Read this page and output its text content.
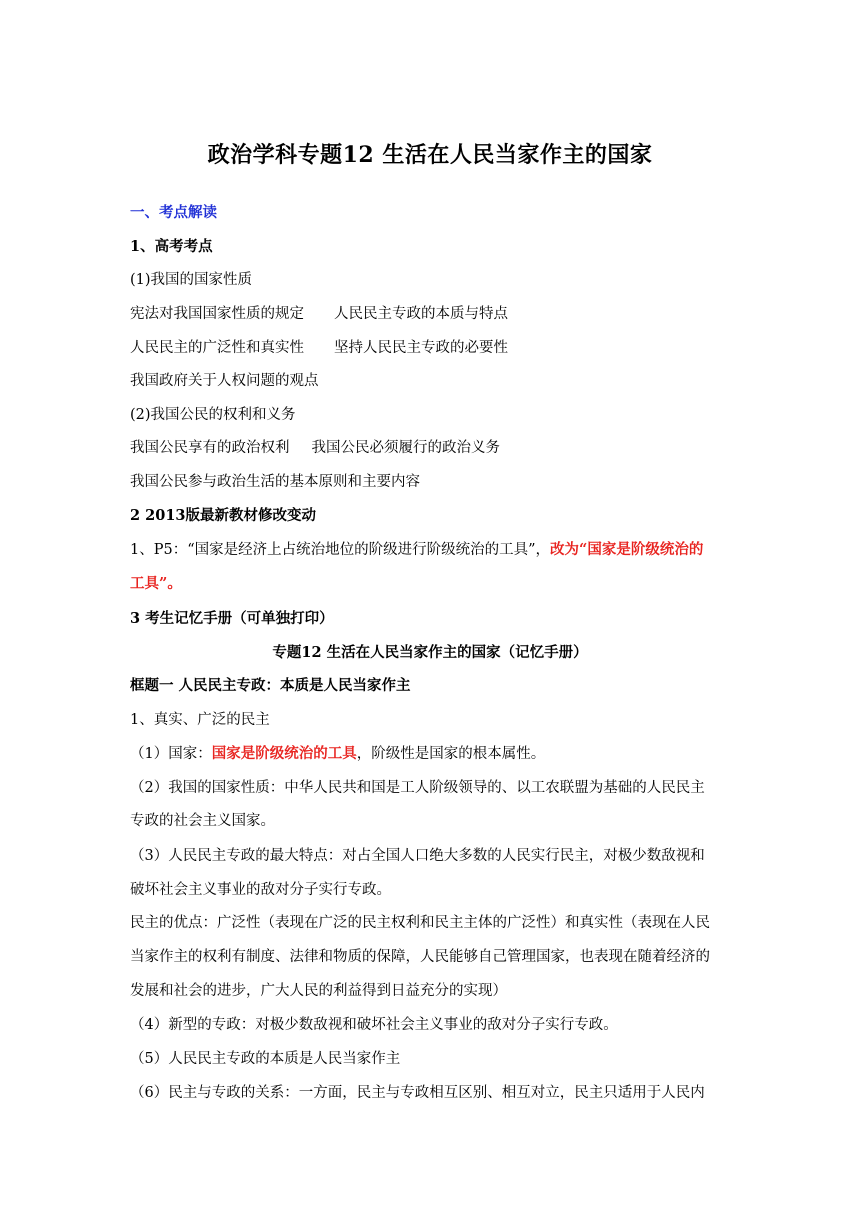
政治学科专题12 生活在人民当家作主的国家
一、考点解读
1、高考考点
(1)我国的国家性质
宪法对我国国家性质的规定 人民民主专政的本质与特点
人民民主的广泛性和真实性 坚持人民民主专政的必要性
我国政府关于人权问题的观点
(2)我国公民的权利和义务
我国公民享有的政治权利 我国公民必须履行的政治义务
我国公民参与政治生活的基本原则和主要内容
2 2013版最新教材修改变动
1、P5：“国家是经济上占统治地位的阶级进行阶级统治的工具”，改为“国家是阶级统治的
工具”。
3 考生记忆手册（可单独打印）
专题12 生活在人民当家作主的国家（记忆手册）
框题一 人民民主专政：本质是人民当家作主
1、真实、广泛的民主
（1）国家：国家是阶级统治的工具，阶级性是国家的根本属性。
（2）我国的国家性质：中华人民共和国是工人阶级领导的、以工农联盟为基础的人民民主
专政的社会主义国家。
（3）人民民主专政的最大特点：对占全国人口绝大多数的人民实行民主，对极少数敌视和
破坏社会主义事业的敌对分子实行专政。
民主的优点：广泛性（表现在广泛的民主权利和民主主体的广泛性）和真实性（表现在人民
当家作主的权利有制度、法律和物质的保障，人民能够自己管理国家，也表现在随着经济的
发展和社会的进步，广大人民的利益得到日益充分的实现）
（4）新型的专政：对极少数敌视和破坏社会主义事业的敌对分子实行专政。
（5）人民民主专政的本质是人民当家作主
（6）民主与专政的关系：一方面，民主与专政相互区别、相互对立，民主只适用于人民内
